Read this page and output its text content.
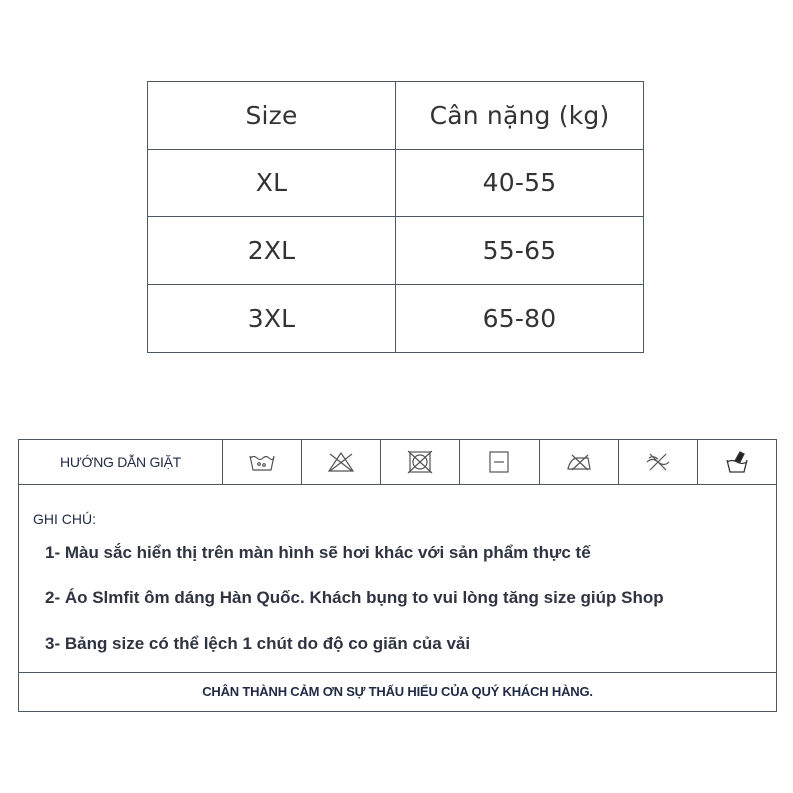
Size	Cân nặng (kg)
XL	40-55
2XL	55-65
3XL	65-80
HƯỚNG DẪN GIẶT
GHI CHÚ:
1- Màu sắc hiển thị trên màn hình sẽ hơi khác với sản phẩm thực tế
2- Áo Slmfit ôm dáng Hàn Quốc. Khách bụng to vui lòng tăng size giúp Shop
3- Bảng size có thể lệch 1 chút do độ co giãn của vải
CHÂN THÀNH CẢM ƠN SỰ THẤU HIỂU CỦA QUÝ KHÁCH HÀNG.
